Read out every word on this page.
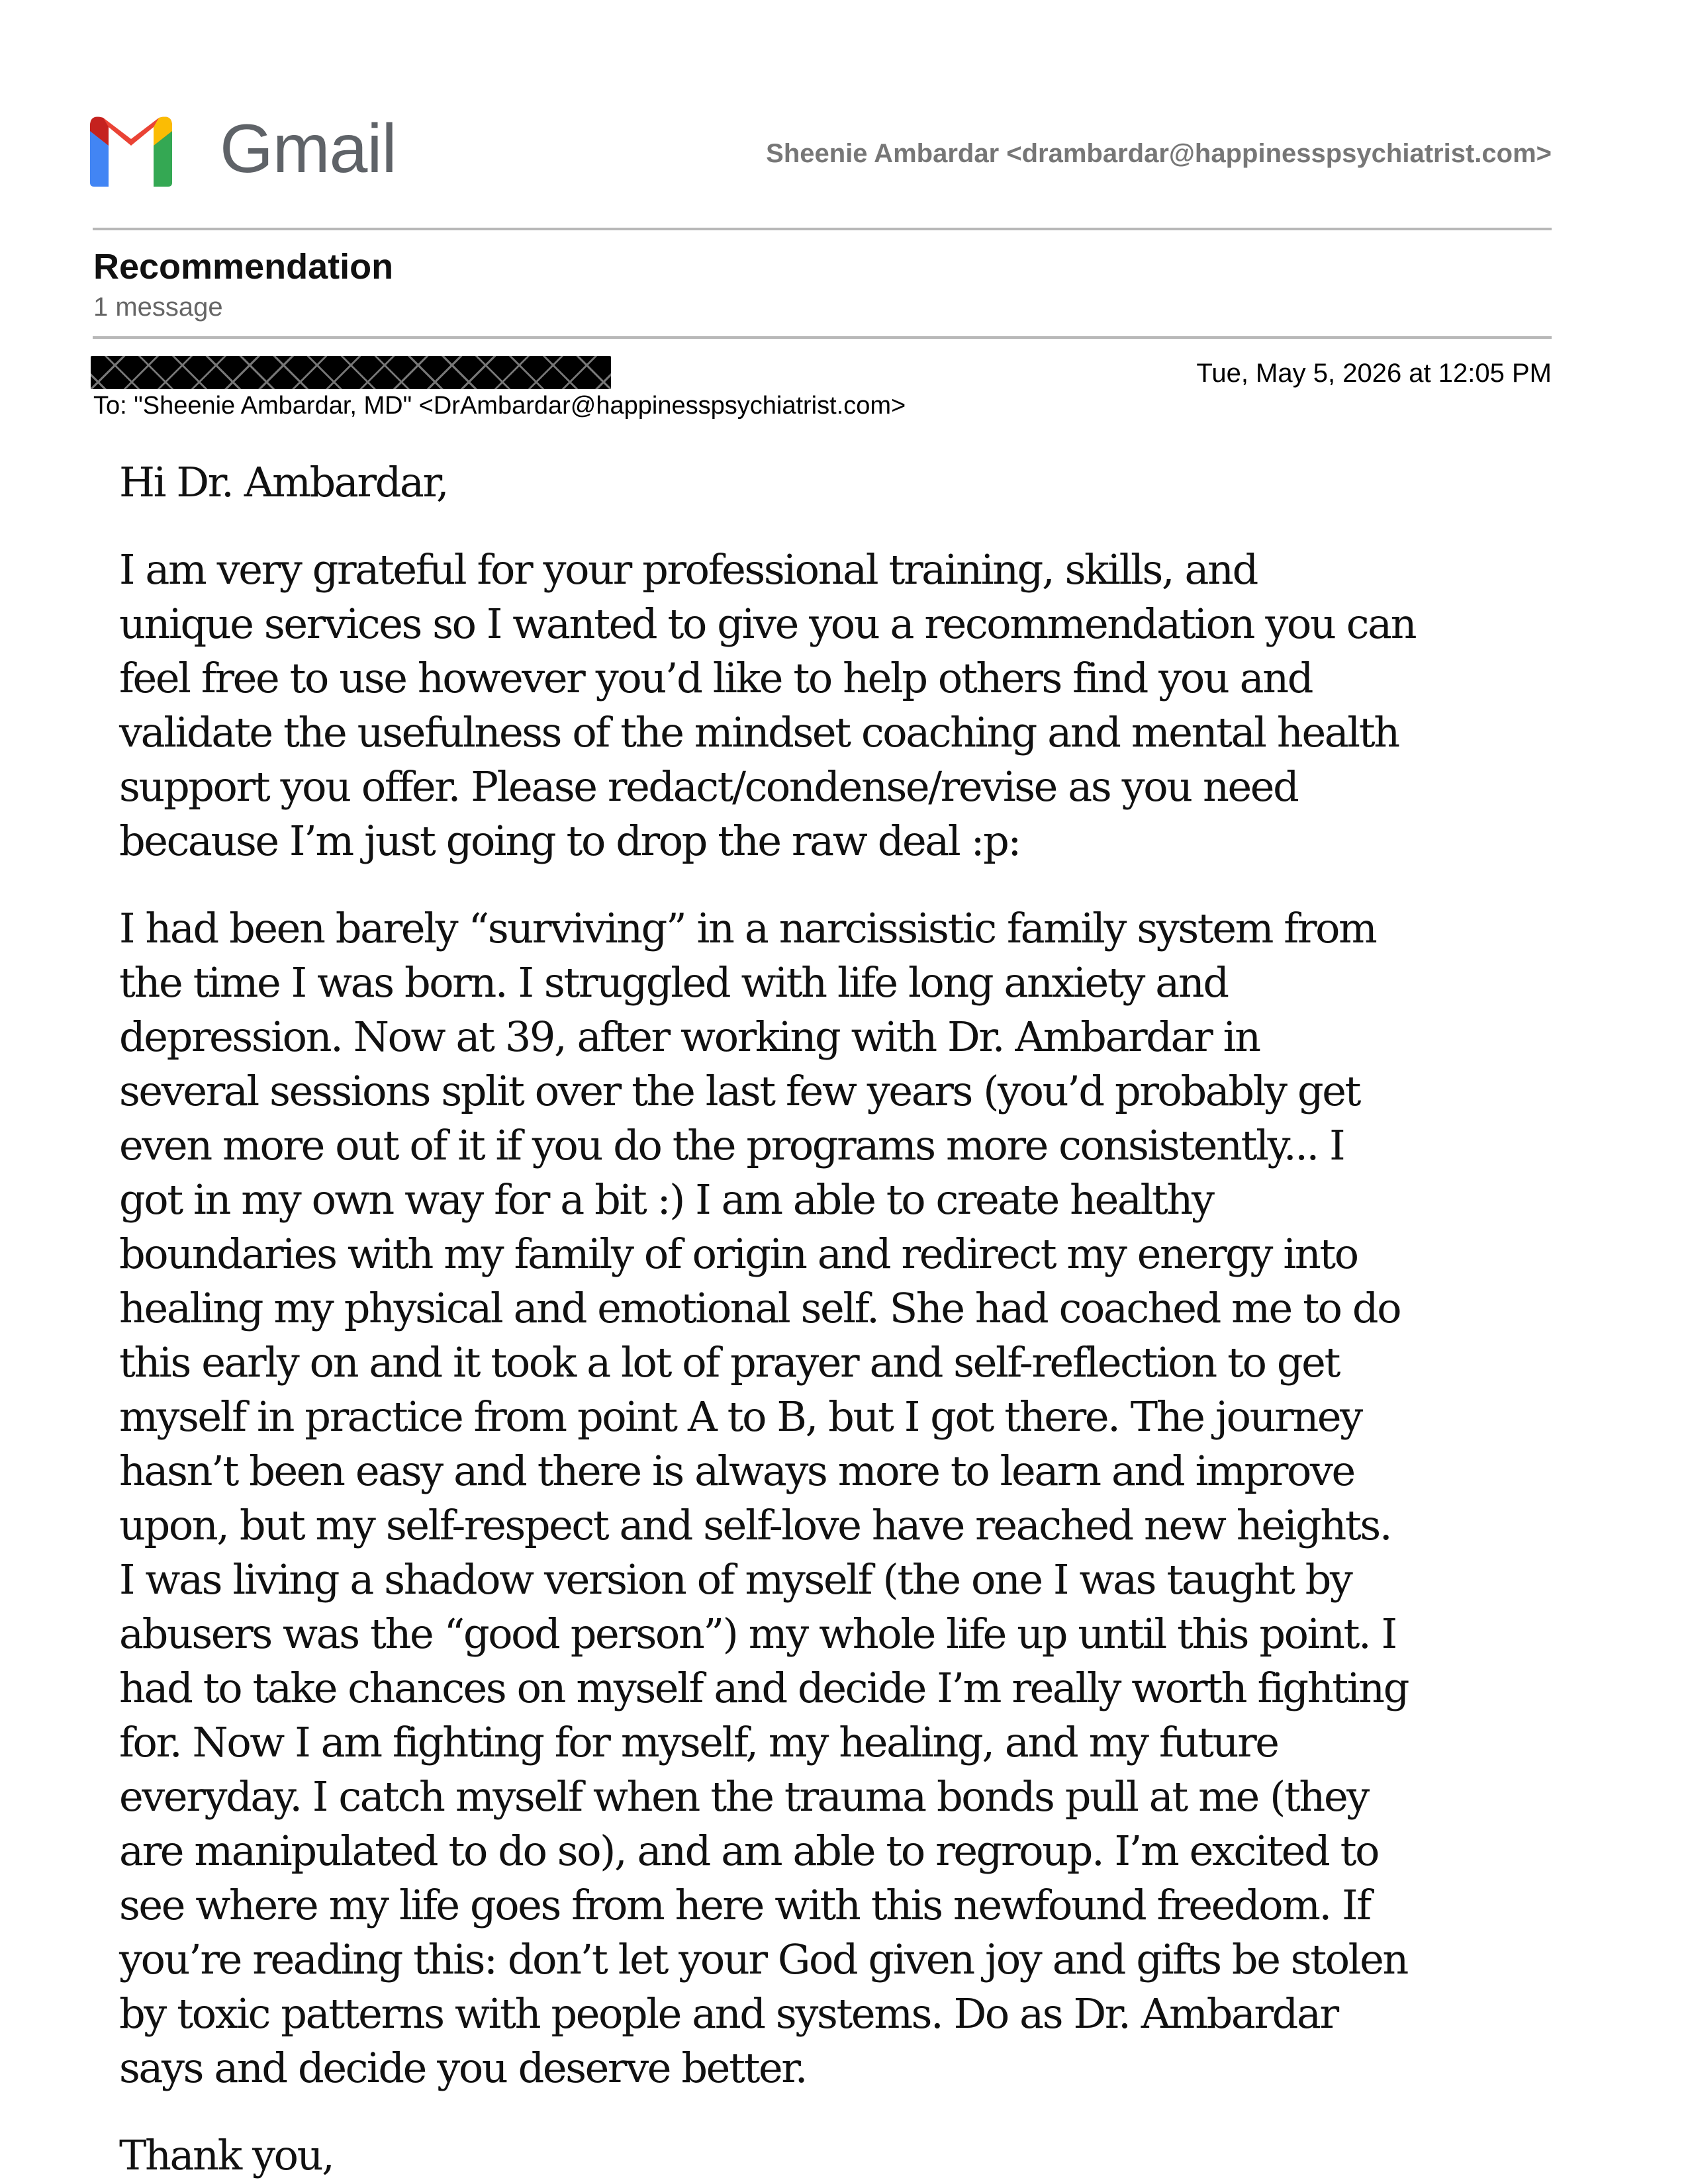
Gmail	Sheenie Ambardar <drambardar@happinesspsychiatrist.com>
Recommendation
1 message
Tue, May 5, 2026 at 12:05 PM
To: "Sheenie Ambardar, MD" <DrAmbardar@happinesspsychiatrist.com>

Hi Dr. Ambardar,

I am very grateful for your professional training, skills, and
unique services so I wanted to give you a recommendation you can
feel free to use however you’d like to help others find you and
validate the usefulness of the mindset coaching and mental health
support you offer. Please redact/condense/revise as you need
because I’m just going to drop the raw deal :p:

I had been barely “surviving” in a narcissistic family system from
the time I was born. I struggled with life long anxiety and
depression. Now at 39, after working with Dr. Ambardar in
several sessions split over the last few years (you’d probably get
even more out of it if you do the programs more consistently... I
got in my own way for a bit :) I am able to create healthy
boundaries with my family of origin and redirect my energy into
healing my physical and emotional self. She had coached me to do
this early on and it took a lot of prayer and self-reflection to get
myself in practice from point A to B, but I got there. The journey
hasn’t been easy and there is always more to learn and improve
upon, but my self-respect and self-love have reached new heights.
I was living a shadow version of myself (the one I was taught by
abusers was the “good person”) my whole life up until this point. I
had to take chances on myself and decide I’m really worth fighting
for. Now I am fighting for myself, my healing, and my future
everyday. I catch myself when the trauma bonds pull at me (they
are manipulated to do so), and am able to regroup. I’m excited to
see where my life goes from here with this newfound freedom. If
you’re reading this: don’t let your God given joy and gifts be stolen
by toxic patterns with people and systems. Do as Dr. Ambardar
says and decide you deserve better.

Thank you,
